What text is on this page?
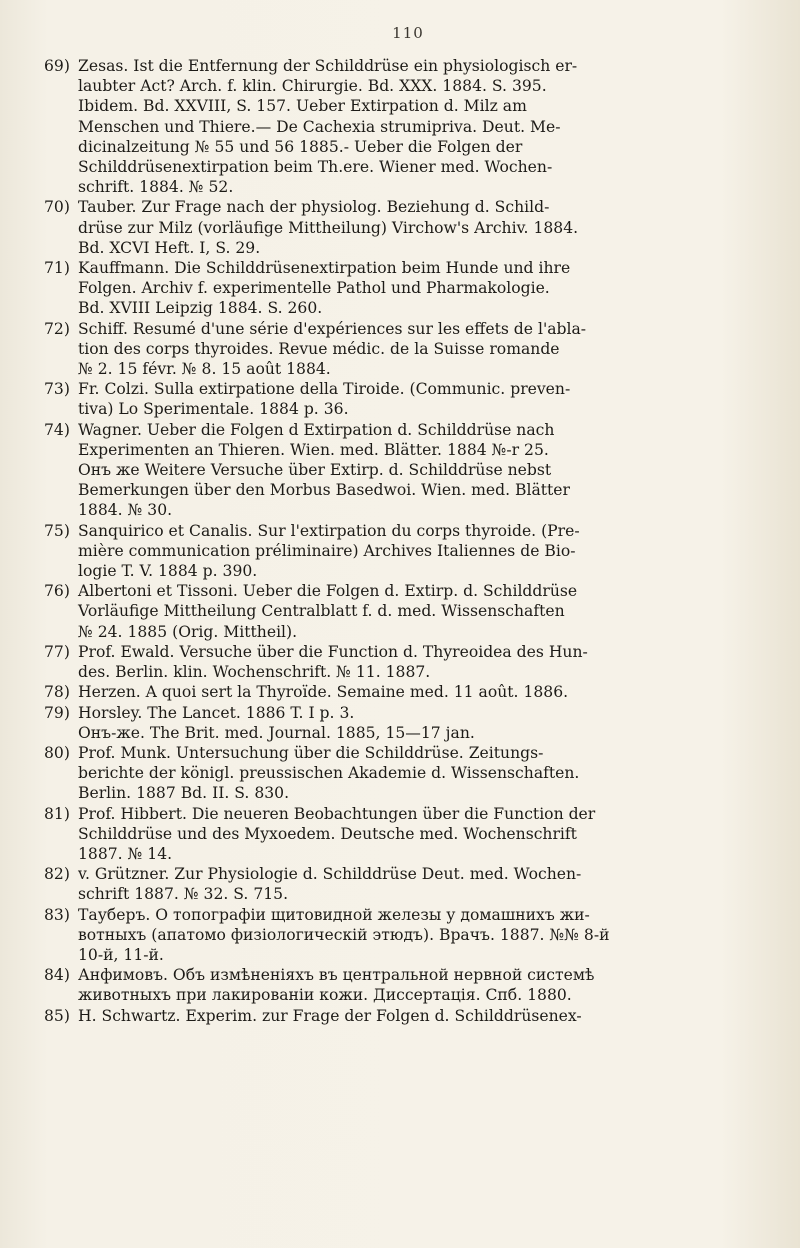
110
69) Zesas. Ist die Entfernung der Schilddrüse ein physiologisch er-
laubter Act? Arch. f. klin. Chirurgie. Bd. XXX. 1884. S. 395.
Ibidem. Bd. XXVIII, S. 157. Ueber Extirpation d. Milz am
Menschen und Thiere.— De Cachexia strumipriva. Deut. Me-
dicinalzeitung № 55 und 56 1885.- Ueber die Folgen der
Schilddrüsenextirpation beim Th.ere. Wiener med. Wochen-
schrift. 1884. № 52.
70) Tauber. Zur Frage nach der physiolog. Beziehung d. Schild-
drüse zur Milz (vorläufige Mittheilung) Virchow's Archiv. 1884.
Bd. XCVI Heft. I, S. 29.
71) Kauffmann. Die Schilddrüsenextirpation beim Hunde und ihre
Folgen. Archiv f. experimentelle Pathol und Pharmakologie.
Bd. XVIII Leipzig 1884. S. 260.
72) Schiff. Resumé d'une série d'expériences sur les effets de l'abla-
tion des corps thyroides. Revue médic. de la Suisse romande
№ 2. 15 févr. № 8. 15 août 1884.
73) Fr. Colzi. Sulla extirpatione della Tiroide. (Communic. preven-
tiva) Lo Sperimentale. 1884 p. 36.
74) Wagner. Ueber die Folgen d Extirpation d. Schilddrüse nach
Experimenten an Thieren. Wien. med. Blätter. 1884 №-r 25.
Онъ же Weitere Versuche über Extirp. d. Schilddrüse nebst
Bemerkungen über den Morbus Basedwoi. Wien. med. Blätter
1884. № 30.
75) Sanquirico et Canalis. Sur l'extirpation du corps thyroide. (Pre-
mière communication préliminaire) Archives Italiennes de Bio-
logie T. V. 1884 p. 390.
76) Albertoni et Tissoni. Ueber die Folgen d. Extirp. d. Schilddrüse
Vorläufige Mittheilung Centralblatt f. d. med. Wissenschaften
№ 24. 1885 (Orig. Mittheil).
77) Prof. Ewald. Versuche über die Function d. Thyreoidea des Hun-
des. Berlin. klin. Wochenschrift. № 11. 1887.
78) Herzen. A quoi sert la Thyroïde. Semaine med. 11 août. 1886.
79) Horsley. The Lancet. 1886 T. I p. 3.
Онъ-же. The Brit. med. Journal. 1885, 15—17 jan.
80) Prof. Munk. Untersuchung über die Schilddrüse. Zeitungs-
berichte der königl. preussischen Akademie d. Wissenschaften.
Berlin. 1887 Bd. II. S. 830.
81) Prof. Hibbert. Die neueren Beobachtungen über die Function der
Schilddrüse und des Myxoedem. Deutsche med. Wochenschrift
1887. № 14.
82) v. Grützner. Zur Physiologie d. Schilddrüse Deut. med. Wochen-
schrift 1887. № 32. S. 715.
83) Тауберъ. О топографіи щитовидной железы у домашнихъ жи-
вотныхъ (апатомо физіологическій этюдъ). Врачъ. 1887. №№ 8-й
10-й, 11-й.
84) Анфимовъ. Объ измѣненіяхъ въ центральной нервной системѣ
животныхъ при лакированіи кожи. Диссертація. Спб. 1880.
85) H. Schwartz. Experim. zur Frage der Folgen d. Schilddrüsenex-
